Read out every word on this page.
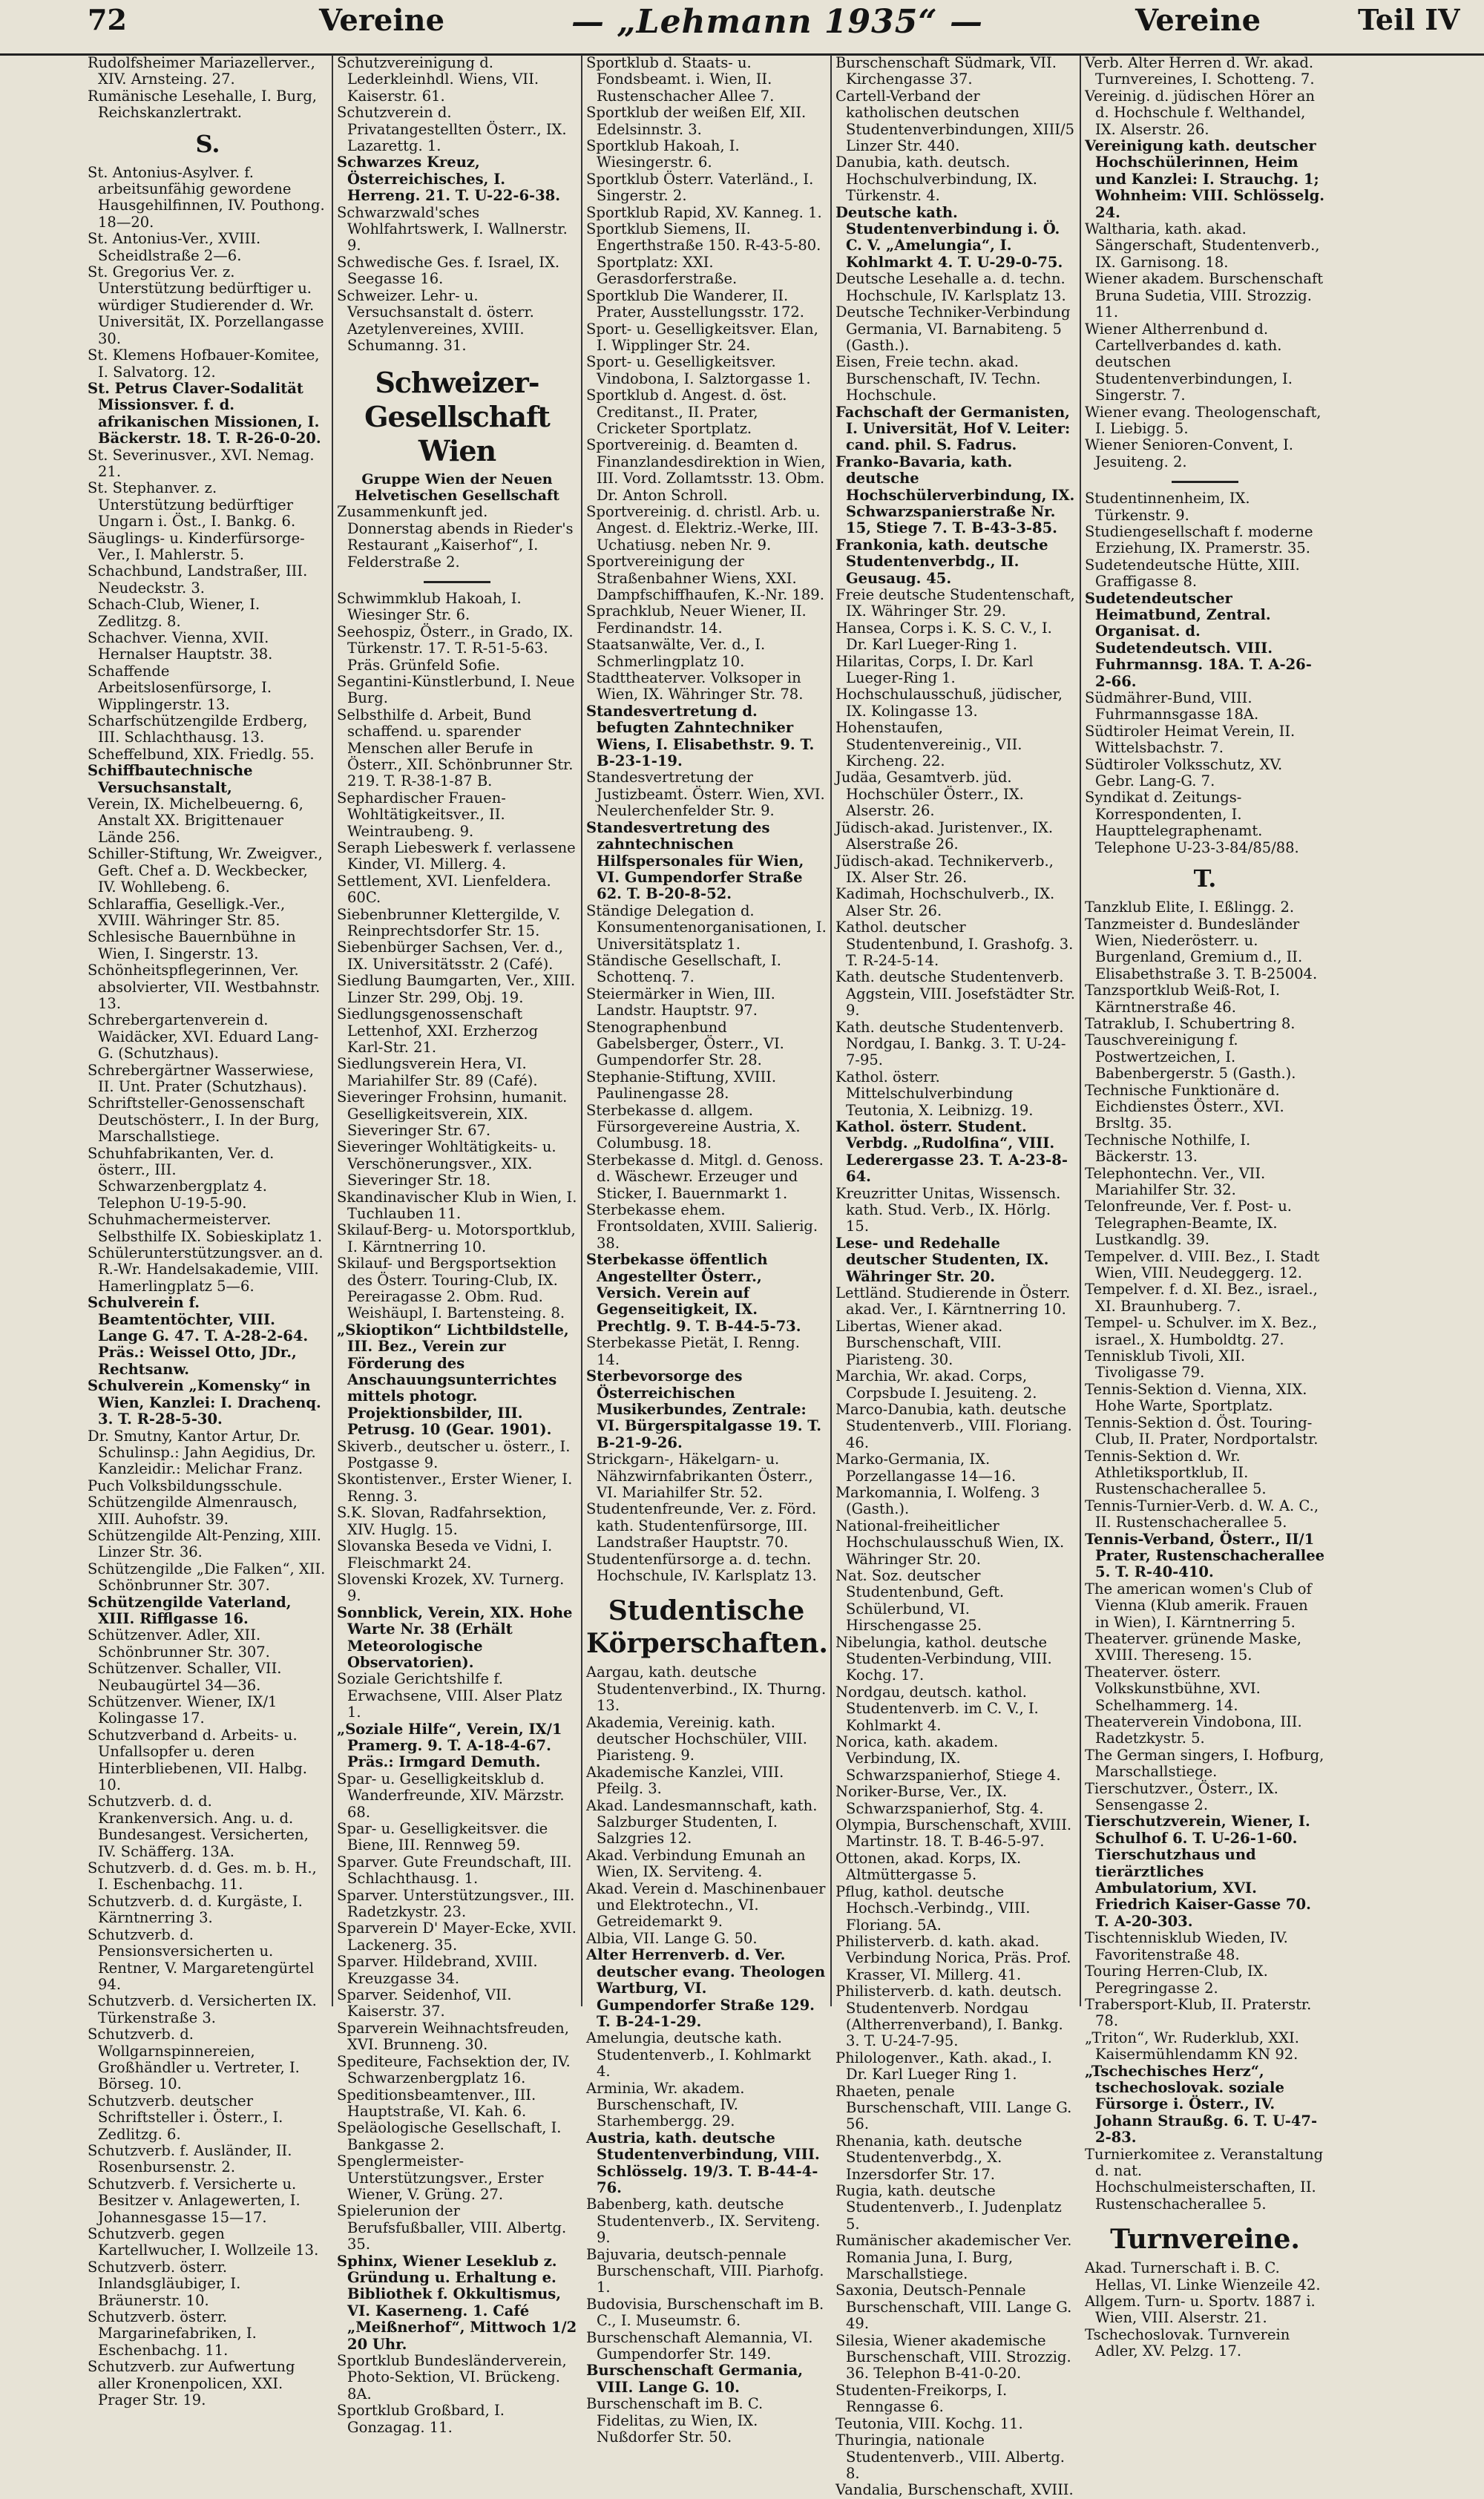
72	Vereine	— „Lehmann 1935“ —	Vereine	Teil IV
Rudolfsheimer Mariazellerver., XIV. Arnsteing. 27.
Rumänische Lesehalle, I. Burg, Reichskanzlertrakt.
S.
St. Antonius-Asylver. f. arbeitsunfähig gewordene Hausgehilfinnen, IV. Pouthong. 18—20.
St. Antonius-Ver., XVIII. Scheidlstraße 2—6.
St. Gregorius Ver. z. Unterstützung bedürftiger u. würdiger Studierender d. Wr. Universität, IX. Porzellangasse 30.
St. Klemens Hofbauer-Komitee, I. Salvatorg. 12.
St. Petrus Claver-Sodalität Missionsver. f. d. afrikanischen Missionen, I. Bäckerstr. 18. T. R-26-0-20.
St. Severinusver., XVI. Nemag. 21.
St. Stephanver. z. Unterstützung bedürftiger Ungarn i. Öst., I. Bankg. 6.
Säuglings- u. Kinderfürsorge-Ver., I. Mahlerstr. 5.
Schachbund, Landstraßer, III. Neudeckstr. 3.
Schach-Club, Wiener, I. Zedlitzg. 8.
Schachver. Vienna, XVII. Hernalser Hauptstr. 38.
Schaffende Arbeitslosenfürsorge, I. Wipplingerstr. 13.
Scharfschützengilde Erdberg, III. Schlachthausg. 13.
Scheffelbund, XIX. Friedlg. 55.
Schiffbautechnische Versuchsanstalt,
Verein, IX. Michelbeuerng. 6, Anstalt XX. Brigittenauer Lände 256.
Schiller-Stiftung, Wr. Zweigver., Geft. Chef a. D. Weckbecker, IV. Wohllebeng. 6.
Schlaraffia, Geselligk.-Ver., XVIII. Währinger Str. 85.
Schlesische Bauernbühne in Wien, I. Singerstr. 13.
Schönheitspflegerinnen, Ver. absolvierter, VII. Westbahnstr. 13.
Schrebergartenverein d. Waidäcker, XVI. Eduard Lang-G. (Schutzhaus).
Schrebergärtner Wasserwiese, II. Unt. Prater (Schutzhaus).
Schriftsteller-Genossenschaft Deutschösterr., I. In der Burg, Marschallstiege.
Schuhfabrikanten, Ver. d. österr., III. Schwarzenbergplatz 4. Telephon U-19-5-90.
Schuhmachermeisterver. Selbsthilfe IX. Sobieskiplatz 1.
Schülerunterstützungsver. an d. R.-Wr. Handelsakademie, VIII. Hamerlingplatz 5—6.
Schulverein f. Beamtentöchter, VIII. Lange G. 47. T. A-28-2-64. Präs.: Weissel Otto, JDr., Rechtsanw.
Schulverein „Komensky“ in Wien, Kanzlei: I. Drachenq. 3. T. R-28-5-30.
Dr. Smutny, Kantor Artur, Dr. Schulinsp.: Jahn Aegidius, Dr. Kanzleidir.: Melichar Franz.
Puch Volksbildungsschule.
Schützengilde Almenrausch, XIII. Auhofstr. 39.
Schützengilde Alt-Penzing, XIII. Linzer Str. 36.
Schützengilde „Die Falken“, XII. Schönbrunner Str. 307.
Schützengilde Vaterland, XIII. Rifflgasse 16.
Schützenver. Adler, XII. Schönbrunner Str. 307.
Schützenver. Schaller, VII. Neubaugürtel 34—36.
Schützenver. Wiener, IX/1 Kolingasse 17.
Schutzverband d. Arbeits- u. Unfallsopfer u. deren Hinterbliebenen, VII. Halbg. 10.
Schutzverb. d. d. Krankenversich. Ang. u. d. Bundesangest. Versicherten, IV. Schäfferg. 13A.
Schutzverb. d. d. Ges. m. b. H., I. Eschenbachg. 11.
Schutzverb. d. d. Kurgäste, I. Kärntnerring 3.
Schutzverb. d. Pensionsversicherten u. Rentner, V. Margaretengürtel 94.
Schutzverb. d. Versicherten IX. Türkenstraße 3.
Schutzverb. d. Wollgarnspinnereien, Großhändler u. Vertreter, I. Börseg. 10.
Schutzverb. deutscher Schriftsteller i. Österr., I. Zedlitzg. 6.
Schutzverb. f. Ausländer, II. Rosenbursenstr. 2.
Schutzverb. f. Versicherte u. Besitzer v. Anlagewerten, I. Johannesgasse 15—17.
Schutzverb. gegen Kartellwucher, I. Wollzeile 13.
Schutzverb. österr. Inlandsgläubiger, I. Bräunerstr. 10.
Schutzverb. österr. Margarinefabriken, I. Eschenbachg. 11.
Schutzverb. zur Aufwertung aller Kronenpolicen, XXI. Prager Str. 19.
Schutzvereinigung d. Lederkleinhdl. Wiens, VII. Kaiserstr. 61.
Schutzverein d. Privatangestellten Österr., IX. Lazarettg. 1.
Schwarzes Kreuz, Österreichisches, I. Herreng. 21. T. U-22-6-38.
Schwarzwald'sches Wohlfahrtswerk, I. Wallnerstr. 9.
Schwedische Ges. f. Israel, IX. Seegasse 16.
Schweizer. Lehr- u. Versuchsanstalt d. österr. Azetylenvereines, XVIII. Schumanng. 31.
Schweizer-Gesellschaft Wien
Gruppe Wien der Neuen Helvetischen Gesellschaft
Zusammenkunft jed. Donnerstag abends in Rieder's Restaurant „Kaiserhof“, I. Felderstraße 2.
Schwimmklub Hakoah, I. Wiesinger Str. 6.
Seehospiz, Österr., in Grado, IX. Türkenstr. 17. T. R-51-5-63. Präs. Grünfeld Sofie.
Segantini-Künstlerbund, I. Neue Burg.
Selbsthilfe d. Arbeit, Bund schaffend. u. sparender Menschen aller Berufe in Österr., XII. Schönbrunner Str. 219. T. R-38-1-87 B.
Sephardischer Frauen-Wohltätigkeitsver., II. Weintraubeng. 9.
Seraph Liebeswerk f. verlassene Kinder, VI. Millerg. 4.
Settlement, XVI. Lienfeldera. 60C.
Siebenbrunner Klettergilde, V. Reinprechtsdorfer Str. 15.
Siebenbürger Sachsen, Ver. d., IX. Universitätsstr. 2 (Café).
Siedlung Baumgarten, Ver., XIII. Linzer Str. 299, Obj. 19.
Siedlungsgenossenschaft Lettenhof, XXI. Erzherzog Karl-Str. 21.
Siedlungsverein Hera, VI. Mariahilfer Str. 89 (Café).
Sieveringer Frohsinn, humanit. Geselligkeitsverein, XIX. Sieveringer Str. 67.
Sieveringer Wohltätigkeits- u. Verschönerungsver., XIX. Sieveringer Str. 18.
Skandinavischer Klub in Wien, I. Tuchlauben 11.
Skilauf-Berg- u. Motorsportklub, I. Kärntnerring 10.
Skilauf- und Bergsportsektion des Österr. Touring-Club, IX. Pereiragasse 2. Obm. Rud. Weishäupl, I. Bartensteing. 8.
„Skioptikon“ Lichtbildstelle, III. Bez., Verein zur Förderung des Anschauungsunterrichtes mittels photogr. Projektionsbilder, III. Petrusg. 10 (Gear. 1901).
Skiverb., deutscher u. österr., I. Postgasse 9.
Skontistenver., Erster Wiener, I. Renng. 3.
S.K. Slovan, Radfahrsektion, XIV. Huglg. 15.
Slovanska Beseda ve Vidni, I. Fleischmarkt 24.
Slovenski Krozek, XV. Turnerg. 9.
Sonnblick, Verein, XIX. Hohe Warte Nr. 38 (Erhält Meteorologische Observatorien).
Soziale Gerichtshilfe f. Erwachsene, VIII. Alser Platz 1.
„Soziale Hilfe“, Verein, IX/1 Pramerg. 9. T. A-18-4-67. Präs.: Irmgard Demuth.
Spar- u. Geselligkeitsklub d. Wanderfreunde, XIV. Märzstr. 68.
Spar- u. Geselligkeitsver. die Biene, III. Rennweg 59.
Sparver. Gute Freundschaft, III. Schlachthausg. 1.
Sparver. Unterstützungsver., III. Radetzkystr. 23.
Sparverein D' Mayer-Ecke, XVII. Lackenerg. 35.
Sparver. Hildebrand, XVIII. Kreuzgasse 34.
Sparver. Seidenhof, VII. Kaiserstr. 37.
Sparverein Weihnachtsfreuden, XVI. Brunneng. 30.
Spediteure, Fachsektion der, IV. Schwarzenbergplatz 16.
Speditionsbeamtenver., III. Hauptstraße, VI. Kah. 6.
Speläologische Gesellschaft, I. Bankgasse 2.
Spenglermeister-Unterstützungsver., Erster Wiener, V. Grüng. 27.
Spielerunion der Berufsfußballer, VIII. Albertg. 35.
Sphinx, Wiener Leseklub z. Gründung u. Erhaltung e. Bibliothek f. Okkultismus, VI. Kaserneng. 1. Café „Meißnerhof“, Mittwoch 1/2 20 Uhr.
Sportklub Bundesländerverein, Photo-Sektion, VI. Brückeng. 8A.
Sportklub Großbard, I. Gonzagag. 11.
Sportklub d. Staats- u. Fondsbeamt. i. Wien, II. Rustenschacher Allee 7.
Sportklub der weißen Elf, XII. Edelsinnstr. 3.
Sportklub Hakoah, I. Wiesingerstr. 6.
Sportklub Österr. Vaterländ., I. Singerstr. 2.
Sportklub Rapid, XV. Kanneg. 1.
Sportklub Siemens, II. Engerthstraße 150. R-43-5-80. Sportplatz: XXI. Gerasdorferstraße.
Sportklub Die Wanderer, II. Prater, Ausstellungsstr. 172.
Sport- u. Geselligkeitsver. Elan, I. Wipplinger Str. 24.
Sport- u. Geselligkeitsver. Vindobona, I. Salztorgasse 1.
Sportklub d. Angest. d. öst. Creditanst., II. Prater, Cricketer Sportplatz.
Sportvereinig. d. Beamten d. Finanzlandesdirektion in Wien, III. Vord. Zollamtsstr. 13. Obm. Dr. Anton Schroll.
Sportvereinig. d. christl. Arb. u. Angest. d. Elektriz.-Werke, III. Uchatiusg. neben Nr. 9.
Sportvereinigung der Straßenbahner Wiens, XXI. Dampfschiffhaufen, K.-Nr. 189.
Sprachklub, Neuer Wiener, II. Ferdinandstr. 14.
Staatsanwälte, Ver. d., I. Schmerlingplatz 10.
Stadttheaterver. Volksoper in Wien, IX. Währinger Str. 78.
Standesvertretung d. befugten Zahntechniker Wiens, I. Elisabethstr. 9. T. B-23-1-19.
Standesvertretung der Justizbeamt. Österr. Wien, XVI. Neulerchenfelder Str. 9.
Standesvertretung des zahntechnischen Hilfspersonales für Wien, VI. Gumpendorfer Straße 62. T. B-20-8-52.
Ständige Delegation d. Konsumentenorganisationen, I. Universitätsplatz 1.
Ständische Gesellschaft, I. Schottenq. 7.
Steiermärker in Wien, III. Landstr. Hauptstr. 97.
Stenographenbund Gabelsberger, Österr., VI. Gumpendorfer Str. 28.
Stephanie-Stiftung, XVIII. Paulinengasse 28.
Sterbekasse d. allgem. Fürsorgevereine Austria, X. Columbusg. 18.
Sterbekasse d. Mitgl. d. Genoss. d. Wäschewr. Erzeuger und Sticker, I. Bauernmarkt 1.
Sterbekasse ehem. Frontsoldaten, XVIII. Salierig. 38.
Sterbekasse öffentlich Angestellter Österr., Versich. Verein auf Gegenseitigkeit, IX. Prechtlg. 9. T. B-44-5-73.
Sterbekasse Pietät, I. Renng. 14.
Sterbevorsorge des Österreichischen Musikerbundes, Zentrale: VI. Bürgerspitalgasse 19. T. B-21-9-26.
Strickgarn-, Häkelgarn- u. Nähzwirnfabrikanten Österr., VI. Mariahilfer Str. 52.
Studentenfreunde, Ver. z. Förd. kath. Studentenfürsorge, III. Landstraßer Hauptstr. 70.
Studentenfürsorge a. d. techn. Hochschule, IV. Karlsplatz 13.
Studentische Körperschaften.
Aargau, kath. deutsche Studentenverbind., IX. Thurng. 13.
Akademia, Vereinig. kath. deutscher Hochschüler, VIII. Piaristeng. 9.
Akademische Kanzlei, VIII. Pfeilg. 3.
Akad. Landesmannschaft, kath. Salzburger Studenten, I. Salzgries 12.
Akad. Verbindung Emunah an Wien, IX. Serviteng. 4.
Akad. Verein d. Maschinenbauer und Elektrotechn., VI. Getreidemarkt 9.
Albia, VII. Lange G. 50.
Alter Herrenverb. d. Ver. deutscher evang. Theologen Wartburg, VI. Gumpendorfer Straße 129. T. B-24-1-29.
Amelungia, deutsche kath. Studentenverb., I. Kohlmarkt 4.
Arminia, Wr. akadem. Burschenschaft, IV. Starhembergg. 29.
Austria, kath. deutsche Studentenverbindung, VIII. Schlösselg. 19/3. T. B-44-4-76.
Babenberg, kath. deutsche Studentenverb., IX. Serviteng. 9.
Bajuvaria, deutsch-pennale Burschenschaft, VIII. Piarhofg. 1.
Budovisia, Burschenschaft im B. C., I. Museumstr. 6.
Burschenschaft Alemannia, VI. Gumpendorfer Str. 149.
Burschenschaft Germania, VIII. Lange G. 10.
Burschenschaft im B. C. Fidelitas, zu Wien, IX. Nußdorfer Str. 50.
Burschenschaft Südmark, VII. Kirchengasse 37.
Cartell-Verband der katholischen deutschen Studentenverbindungen, XIII/5 Linzer Str. 440.
Danubia, kath. deutsch. Hochschulverbindung, IX. Türkenstr. 4.
Deutsche kath. Studentenverbindung i. Ö. C. V. „Amelungia“, I. Kohlmarkt 4. T. U-29-0-75.
Deutsche Lesehalle a. d. techn. Hochschule, IV. Karlsplatz 13.
Deutsche Techniker-Verbindung Germania, VI. Barnabiteng. 5 (Gasth.).
Eisen, Freie techn. akad. Burschenschaft, IV. Techn. Hochschule.
Fachschaft der Germanisten, I. Universität, Hof V. Leiter: cand. phil. S. Fadrus.
Franko-Bavaria, kath. deutsche Hochschülerverbindung, IX. Schwarzspanierstraße Nr. 15, Stiege 7. T. B-43-3-85.
Frankonia, kath. deutsche Studentenverbdg., II. Geusaug. 45.
Freie deutsche Studentenschaft, IX. Währinger Str. 29.
Hanseа, Corps i. K. S. C. V., I. Dr. Karl Lueger-Ring 1.
Hilaritas, Corps, I. Dr. Karl Lueger-Ring 1.
Hochschulausschuß, jüdischer, IX. Kolingasse 13.
Hohenstaufen, Studentenvereinig., VII. Kircheng. 22.
Judäa, Gesamtverb. jüd. Hochschüler Österr., IX. Alserstr. 26.
Jüdisch-akad. Juristenver., IX. Alserstraße 26.
Jüdisch-akad. Technikerverb., IX. Alser Str. 26.
Kadimah, Hochschulverb., IX. Alser Str. 26.
Kathol. deutscher Studentenbund, I. Grashofg. 3. T. R-24-5-14.
Kath. deutsche Studentenverb. Aggstein, VIII. Josefstädter Str. 9.
Kath. deutsche Studentenverb. Nordgau, I. Bankg. 3. T. U-24-7-95.
Kathol. österr. Mittelschulverbindung Teutonia, X. Leibnizg. 19.
Kathol. österr. Student. Verbdg. „Rudolfina“, VIII. Lederergasse 23. T. A-23-8-64.
Kreuzritter Unitas, Wissensch. kath. Stud. Verb., IX. Hörlg. 15.
Lese- und Redehalle deutscher Studenten, IX. Währinger Str. 20.
Lettländ. Studierende in Österr. akad. Ver., I. Kärntnerring 10.
Libertas, Wiener akad. Burschenschaft, VIII. Piaristeng. 30.
Marchia, Wr. akad. Corps, Corpsbude I. Jesuiteng. 2.
Marco-Danubia, kath. deutsche Studentenverb., VIII. Floriang. 46.
Marko-Germania, IX. Porzellangasse 14—16.
Markomannia, I. Wolfeng. 3 (Gasth.).
National-freiheitlicher Hochschulausschuß Wien, IX. Währinger Str. 20.
Nat. Soz. deutscher Studentenbund, Geft. Schülerbund, VI. Hirschengasse 25.
Nibelungia, kathol. deutsche Studenten-Verbindung, VIII. Kochg. 17.
Nordgau, deutsch. kathol. Studentenverb. im C. V., I. Kohlmarkt 4.
Norica, kath. akadem. Verbindung, IX. Schwarzspanierhof, Stiege 4.
Noriker-Burse, Ver., IX. Schwarzspanierhof, Stg. 4.
Olympia, Burschenschaft, XVIII. Martinstr. 18. T. B-46-5-97.
Ottonen, akad. Korps, IX. Altmüttergasse 5.
Pflug, kathol. deutsche Hochsch.-Verbindg., VIII. Floriang. 5A.
Philisterverb. d. kath. akad. Verbindung Norica, Präs. Prof. Krasser, VI. Millerg. 41.
Philisterverb. d. kath. deutsch. Studentenverb. Nordgau (Altherrenverband), I. Bankg. 3. T. U-24-7-95.
Philologenver., Kath. akad., I. Dr. Karl Lueger Ring 1.
Rhaeten, penale Burschenschaft, VIII. Lange G. 56.
Rhenania, kath. deutsche Studentenverbdg., X. Inzersdorfer Str. 17.
Rugia, kath. deutsche Studentenverb., I. Judenplatz 5.
Rumänischer akademischer Ver. Romania Juna, I. Burg, Marschallstiege.
Saxonia, Deutsch-Pennale Burschenschaft, VIII. Lange G. 49.
Silesia, Wiener akademische Burschenschaft, VIII. Strozzig. 36. Telephon B-41-0-20.
Studenten-Freikorps, I. Renngasse 6.
Teutonia, VIII. Kochg. 11.
Thuringia, nationale Studentenverb., VIII. Albertg. 8.
Vandalia, Burschenschaft, XVIII.
Verb. Alter Herren d. Wr. akad. Turnvereines, I. Schotteng. 7.
Vereinig. d. jüdischen Hörer an d. Hochschule f. Welthandel, IX. Alserstr. 26.
Vereinigung kath. deutscher Hochschülerinnen, Heim und Kanzlei: I. Strauchg. 1; Wohnheim: VIII. Schlösselg. 24.
Waltharia, kath. akad. Sängerschaft, Studentenverb., IX. Garnisong. 18.
Wiener akadem. Burschenschaft Bruna Sudetia, VIII. Strozzig. 11.
Wiener Altherrenbund d. Cartellverbandes d. kath. deutschen Studentenverbindungen, I. Singerstr. 7.
Wiener evang. Theologenschaft, I. Liebigg. 5.
Wiener Senioren-Convent, I. Jesuiteng. 2.
Studentinnenheim, IX. Türkenstr. 9.
Studiengesellschaft f. moderne Erziehung, IX. Pramerstr. 35.
Sudetendeutsche Hütte, XIII. Graffigasse 8.
Sudetendeutscher Heimatbund, Zentral. Organisat. d. Sudetendeutsch. VIII. Fuhrmannsg. 18A. T. A-26-2-66.
Südmährer-Bund, VIII. Fuhrmannsgasse 18A.
Südtiroler Heimat Verein, II. Wittelsbachstr. 7.
Südtiroler Volksschutz, XV. Gebr. Lang-G. 7.
Syndikat d. Zeitungs-Korrespondenten, I. Haupttelegraphenamt. Telephone U-23-3-84/85/88.
T.
Tanzklub Elite, I. Eßlingg. 2.
Tanzmeister d. Bundesländer Wien, Niederösterr. u. Burgenland, Gremium d., II. Elisabethstraße 3. T. B-25004.
Tanzsportklub Weiß-Rot, I. Kärntnerstraße 46.
Tatraklub, I. Schubertring 8.
Tauschvereinigung f. Postwertzeichen, I. Babenbergerstr. 5 (Gasth.).
Technische Funktionäre d. Eichdienstes Österr., XVI. Brsltg. 35.
Technische Nothilfe, I. Bäckerstr. 13.
Telephontechn. Ver., VII. Mariahilfer Str. 32.
Telonfreunde, Ver. f. Post- u. Telegraphen-Beamte, IX. Lustkandlg. 39.
Tempelver. d. VIII. Bez., I. Stadt Wien, VIII. Neudeggerg. 12.
Tempelver. f. d. XI. Bez., israel., XI. Braunhuberg. 7.
Tempel- u. Schulver. im X. Bez., israel., X. Humboldtg. 27.
Tennisklub Tivoli, XII. Tivoligasse 79.
Tennis-Sektion d. Vienna, XIX. Hohe Warte, Sportplatz.
Tennis-Sektion d. Öst. Touring-Club, II. Prater, Nordportalstr.
Tennis-Sektion d. Wr. Athletiksportklub, II. Rustenschacherallee 5.
Tennis-Turnier-Verb. d. W. A. C., II. Rustenschacherallee 5.
Tennis-Verband, Österr., II/1 Prater, Rustenschacherallee 5. T. R-40-410.
The american women's Club of Vienna (Klub amerik. Frauen in Wien), I. Kärntnerring 5.
Theaterver. grünende Maske, XVIII. Thereseng. 15.
Theaterver. österr. Volkskunstbühne, XVI. Schelhammerg. 14.
Theaterverein Vindobona, III. Radetzkystr. 5.
The German singers, I. Hofburg, Marschallstiege.
Tierschutzver., Österr., IX. Sensengasse 2.
Tierschutzverein, Wiener, I. Schulhof 6. T. U-26-1-60. Tierschutzhaus und tierärztliches Ambulatorium, XVI. Friedrich Kaiser-Gasse 70. T. A-20-303.
Tischtennisklub Wieden, IV. Favoritenstraße 48.
Touring Herren-Club, IX. Peregringasse 2.
Trabersport-Klub, II. Praterstr. 78.
„Triton“, Wr. Ruderklub, XXI. Kaisermühlendamm KN 92.
„Tschechisches Herz“, tschechoslovak. soziale Fürsorge i. Österr., IV. Johann Straußg. 6. T. U-47-2-83.
Turnierkomitee z. Veranstaltung d. nat. Hochschulmeisterschaften, II. Rustenschacherallee 5.
Turnvereine.
Akad. Turnerschaft i. B. C. Hellas, VI. Linke Wienzeile 42.
Allgem. Turn- u. Sportv. 1887 i. Wien, VIII. Alserstr. 21.
Tschechoslovak. Turnverein Adler, XV. Pelzg. 17.
